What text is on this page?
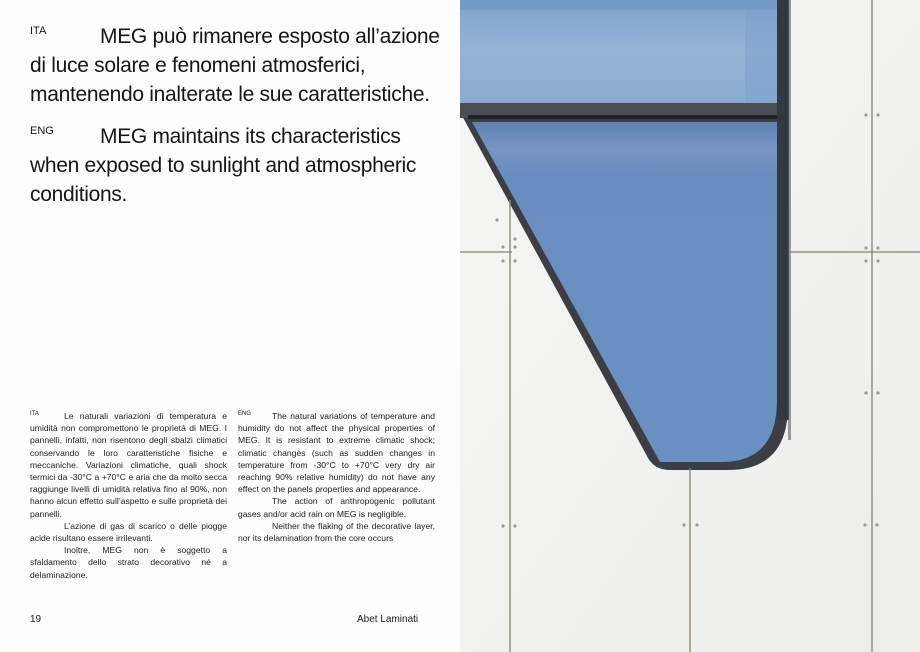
ITA	MEG può rimanere esposto all’azione di luce solare e fenomeni atmosferici, mantenendo inalterate le sue caratteristiche.
ENG MEG maintains its characteristics when exposed to sunlight and atmospheric conditions.
ITA	Le naturali variazioni di temperatura e umidità non compromettono le proprietà di MEG. I pannelli, infatti, non risentono degli sbalzi climatici conservando le loro caratteristiche fisiche e meccaniche. Variazioni climatiche, quali shock termici da -30°C a +70°C e aria che da molto secca raggiunge livelli di umidità relativa fino al 90%, non hanno alcun effetto sull’aspetto e sulle proprietà dei pannelli.

L’azione di gas di scarico o delle piogge acide risultano essere irrilevanti.

Inoltre, MEG non è soggetto a sfaldamento dello strato decorativo né a delaminazione.

ENG	The natural variations of temperature and humidity do not affect the physical properties of MEG. It is resistant to extreme climatic shock; climatic changes (such as sudden changes in temperature from -30°C to +70°C very dry air reaching 90% relative humidity) do not have any effect on the panels properties and appearance.

The action of anthropogenic pollutant gases and/or acid rain on MEG is negligible.

Neither the flaking of the decorative layer, nor its delamination from the core occurs

19	Abet Laminati
